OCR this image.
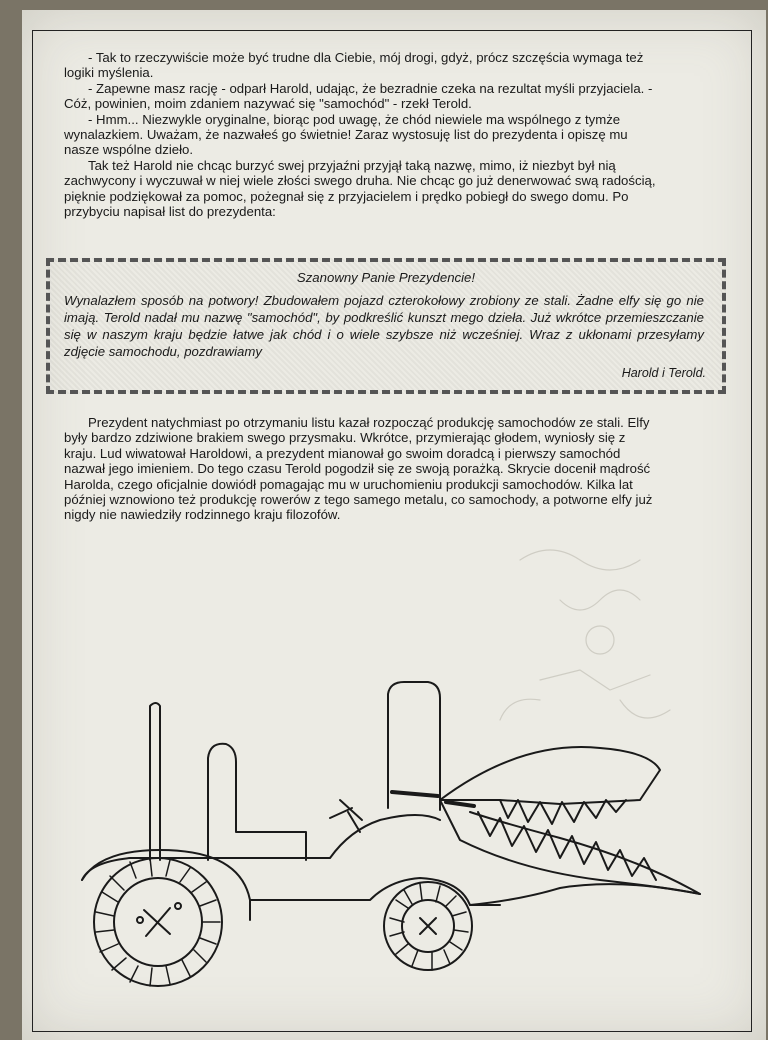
- Tak to rzeczywiście może być trudne dla Ciebie, mój drogi, gdyż, prócz szczęścia wymaga też
logiki myślenia.
- Zapewne masz rację - odparł Harold, udając, że bezradnie czeka na rezultat myśli przyjaciela. -
Cóż, powinien, moim zdaniem nazywać się "samochód" - rzekł Terold.
- Hmm... Niezwykle oryginalne, biorąc pod uwagę, że chód niewiele ma wspólnego z tymże
wynalazkiem. Uważam, że nazwałeś go świetnie! Zaraz wystosuję list do prezydenta i opiszę mu
nasze wspólne dzieło.
Tak też Harold nie chcąc burzyć swej przyjaźni przyjął taką nazwę, mimo, iż niezbyt był nią
zachwycony i wyczuwał w niej wiele złości swego druha. Nie chcąc go już denerwować swą radością,
pięknie podziękował za pomoc, pożegnał się z przyjacielem i prędko pobiegł do swego domu. Po
przybyciu napisał list do prezydenta:
Szanowny Panie Prezydencie!
Wynalazłem sposób na potwory! Zbudowałem pojazd czterokołowy zrobiony ze stali. Żadne elfy się go nie imają. Terold nadał mu nazwę "samochód", by podkreślić kunszt mego dzieła. Już wkrótce przemieszczanie się w naszym kraju będzie łatwe jak chód i o wiele szybsze niż wcześniej. Wraz z ukłonami przesyłamy zdjęcie samochodu, pozdrawiamy
Harold i Terold.
Prezydent natychmiast po otrzymaniu listu kazał rozpocząć produkcję samochodów ze stali. Elfy
były bardzo zdziwione brakiem swego przysmaku. Wkrótce, przymierając głodem, wyniosły się z
kraju. Lud wiwatował Haroldowi, a prezydent mianował go swoim doradcą i pierwszy samochód
nazwał jego imieniem. Do tego czasu Terold pogodził się ze swoją porażką. Skrycie docenił mądrość
Harolda, czego oficjalnie dowiódł pomagając mu w uruchomieniu produkcji samochodów. Kilka lat
później wznowiono też produkcję rowerów z tego samego metalu, co samochody, a potworne elfy już
nigdy nie nawiedziły rodzinnego kraju filozofów.
